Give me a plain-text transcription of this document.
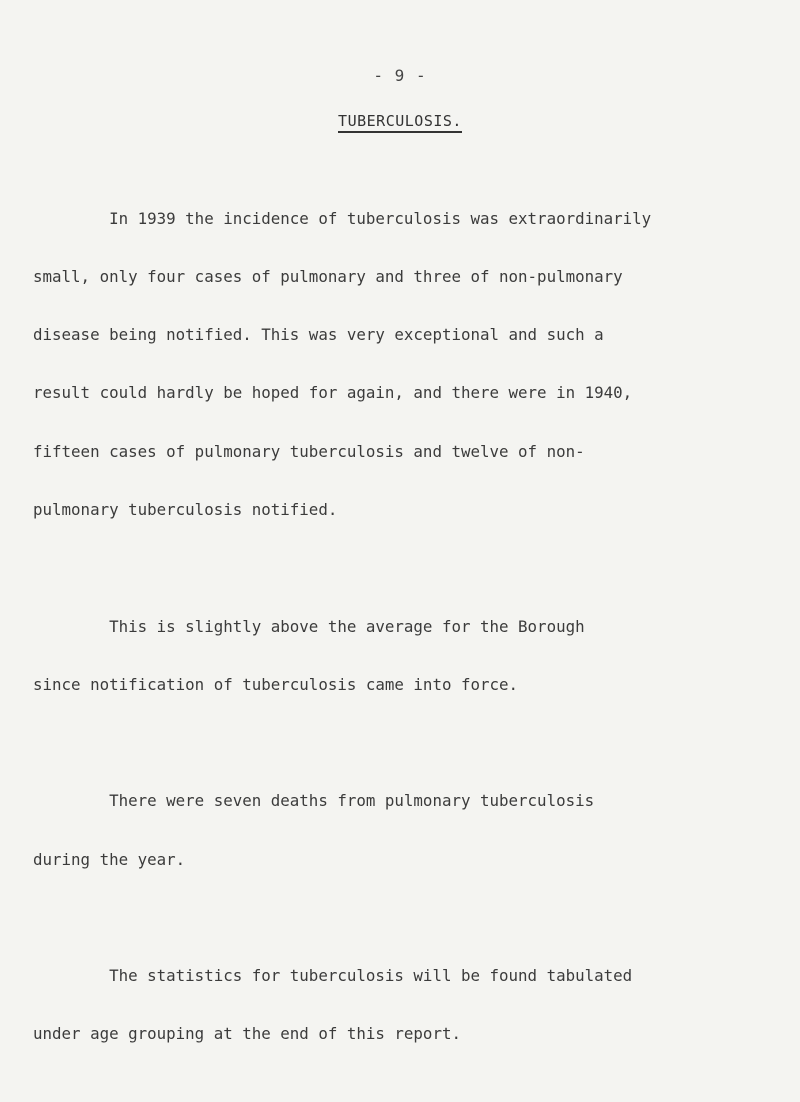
- 9 -
TUBERCULOSIS.

In 1939 the incidence of tuberculosis was extraordinarily

small, only four cases of pulmonary and three of non-pulmonary

disease being notified. This was very exceptional and such a

result could hardly be hoped for again, and there were in 1940,

fifteen cases of pulmonary tuberculosis and twelve of non-

pulmonary tuberculosis notified.

This is slightly above the average for the Borough

since notification of tuberculosis came into force.

There were seven deaths from pulmonary tuberculosis

during the year.

The statistics for tuberculosis will be found tabulated

under age grouping at the end of this report.
